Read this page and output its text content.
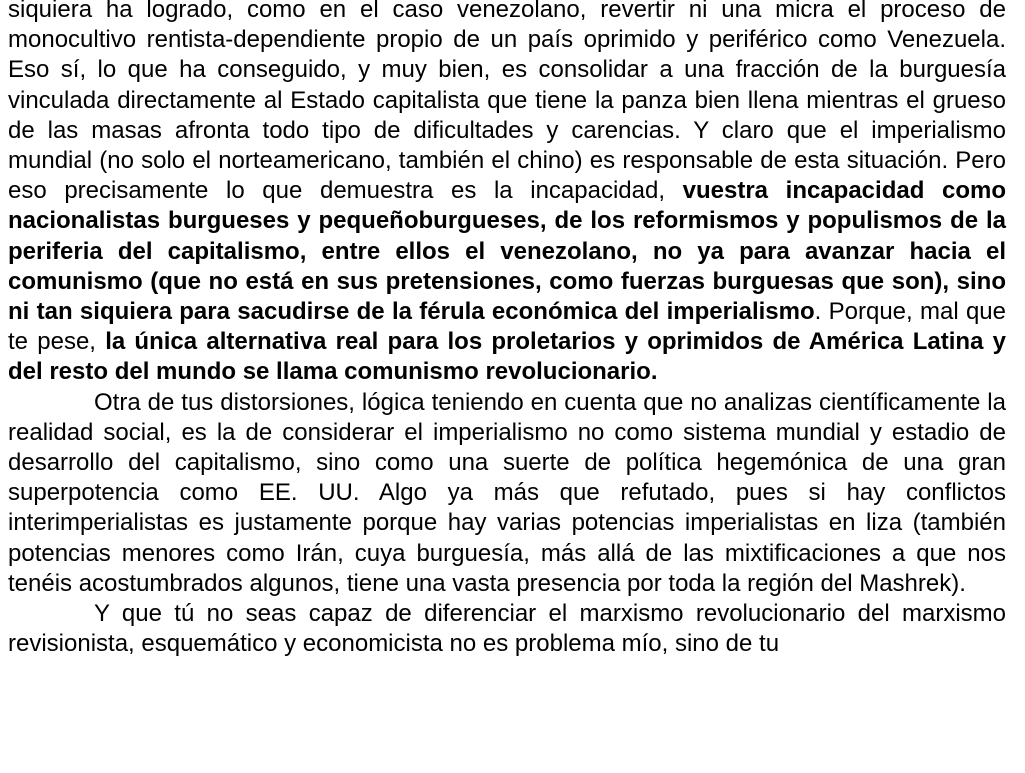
siquiera ha logrado, como en el caso venezolano, revertir ni una micra el proceso de monocultivo rentista-dependiente propio de un país oprimido y periférico como Venezuela. Eso sí, lo que ha conseguido, y muy bien, es consolidar a una fracción de la burguesía vinculada directamente al Estado capitalista que tiene la panza bien llena mientras el grueso de las masas afronta todo tipo de dificultades y carencias. Y claro que el imperialismo mundial (no solo el norteamericano, también el chino) es responsable de esta situación. Pero eso precisamente lo que demuestra es la incapacidad, vuestra incapacidad como nacionalistas burgueses y pequeñoburgueses, de los reformismos y populismos de la periferia del capitalismo, entre ellos el venezolano, no ya para avanzar hacia el comunismo (que no está en sus pretensiones, como fuerzas burguesas que son), sino ni tan siquiera para sacudirse de la férula económica del imperialismo. Porque, mal que te pese, la única alternativa real para los proletarios y oprimidos de América Latina y del resto del mundo se llama comunismo revolucionario.

Otra de tus distorsiones, lógica teniendo en cuenta que no analizas científicamente la realidad social, es la de considerar el imperialismo no como sistema mundial y estadio de desarrollo del capitalismo, sino como una suerte de política hegemónica de una gran superpotencia como EE. UU. Algo ya más que refutado, pues si hay conflictos interimperialistas es justamente porque hay varias potencias imperialistas en liza (también potencias menores como Irán, cuya burguesía, más allá de las mixtificaciones a que nos tenéis acostumbrados algunos, tiene una vasta presencia por toda la región del Mashrek).

Y que tú no seas capaz de diferenciar el marxismo revolucionario del marxismo revisionista, esquemático y economicista no es problema mío, sino de tu
